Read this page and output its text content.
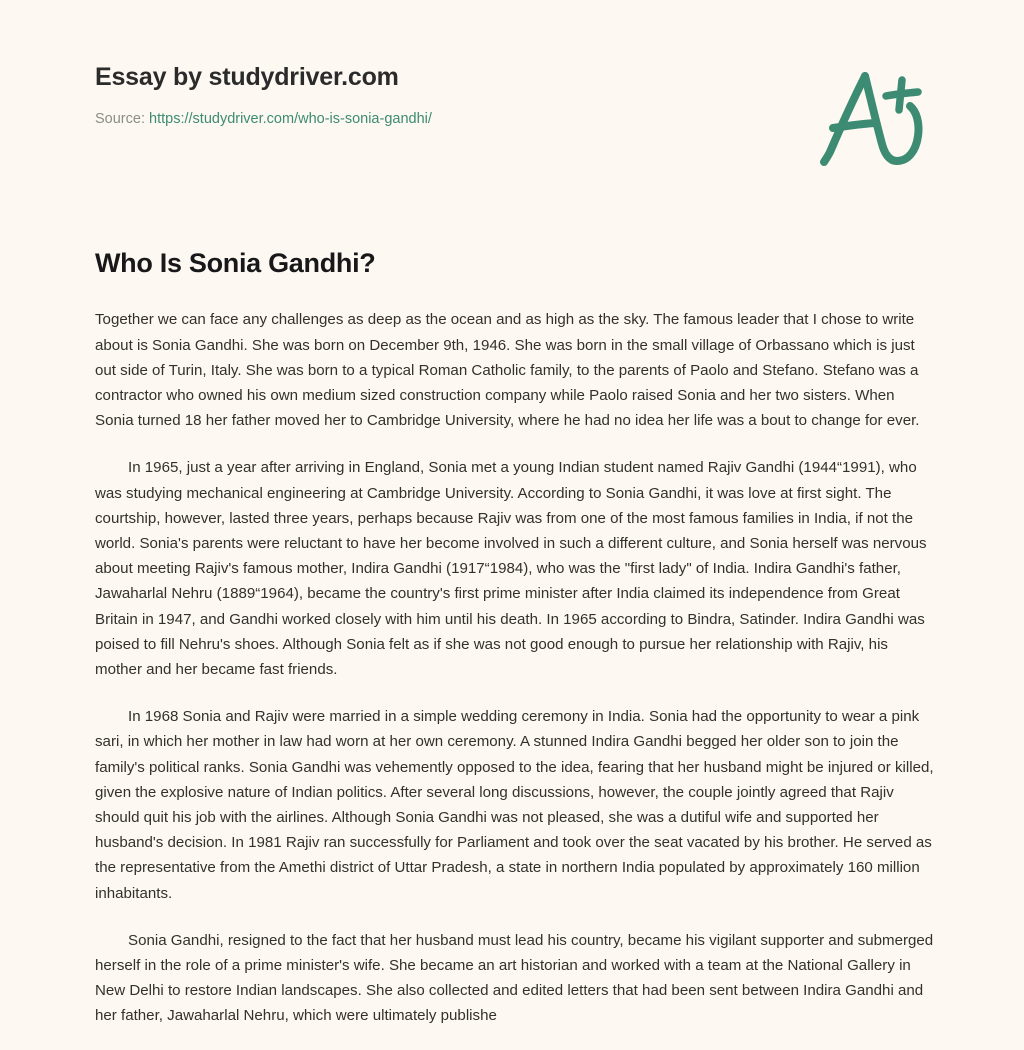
Essay by studydriver.com
Source: https://studydriver.com/who-is-sonia-gandhi/
Who Is Sonia Gandhi?

Together we can face any challenges as deep as the ocean and as high as the sky. The famous leader that I chose to write about is Sonia Gandhi. She was born on December 9th, 1946. She was born in the small village of Orbassano which is just out side of Turin, Italy. She was born to a typical Roman Catholic family, to the parents of Paolo and Stefano. Stefano was a contractor who owned his own medium sized construction company while Paolo raised Sonia and her two sisters. When Sonia turned 18 her father moved her to Cambridge University, where he had no idea her life was a bout to change for ever.

In 1965, just a year after arriving in England, Sonia met a young Indian student named Rajiv Gandhi (1944“1991), who was studying mechanical engineering at Cambridge University. According to Sonia Gandhi, it was love at first sight. The courtship, however, lasted three years, perhaps because Rajiv was from one of the most famous families in India, if not the world. Sonia's parents were reluctant to have her become involved in such a different culture, and Sonia herself was nervous about meeting Rajiv's famous mother, Indira Gandhi (1917“1984), who was the "first lady" of India. Indira Gandhi's father, Jawaharlal Nehru (1889“1964), became the country's first prime minister after India claimed its independence from Great Britain in 1947, and Gandhi worked closely with him until his death. In 1965 according to Bindra, Satinder. Indira Gandhi was poised to fill Nehru's shoes. Although Sonia felt as if she was not good enough to pursue her relationship with Rajiv, his mother and her became fast friends.

In 1968 Sonia and Rajiv were married in a simple wedding ceremony in India. Sonia had the opportunity to wear a pink sari, in which her mother in law had worn at her own ceremony. A stunned Indira Gandhi begged her older son to join the family's political ranks. Sonia Gandhi was vehemently opposed to the idea, fearing that her husband might be injured or killed, given the explosive nature of Indian politics. After several long discussions, however, the couple jointly agreed that Rajiv should quit his job with the airlines. Although Sonia Gandhi was not pleased, she was a dutiful wife and supported her husband's decision. In 1981 Rajiv ran successfully for Parliament and took over the seat vacated by his brother. He served as the representative from the Amethi district of Uttar Pradesh, a state in northern India populated by approximately 160 million inhabitants.

Sonia Gandhi, resigned to the fact that her husband must lead his country, became his vigilant supporter and submerged herself in the role of a prime minister's wife. She became an art historian and worked with a team at the National Gallery in New Delhi to restore Indian landscapes. She also collected and edited letters that had been sent between Indira Gandhi and her father, Jawaharlal Nehru, which were ultimately publishe
